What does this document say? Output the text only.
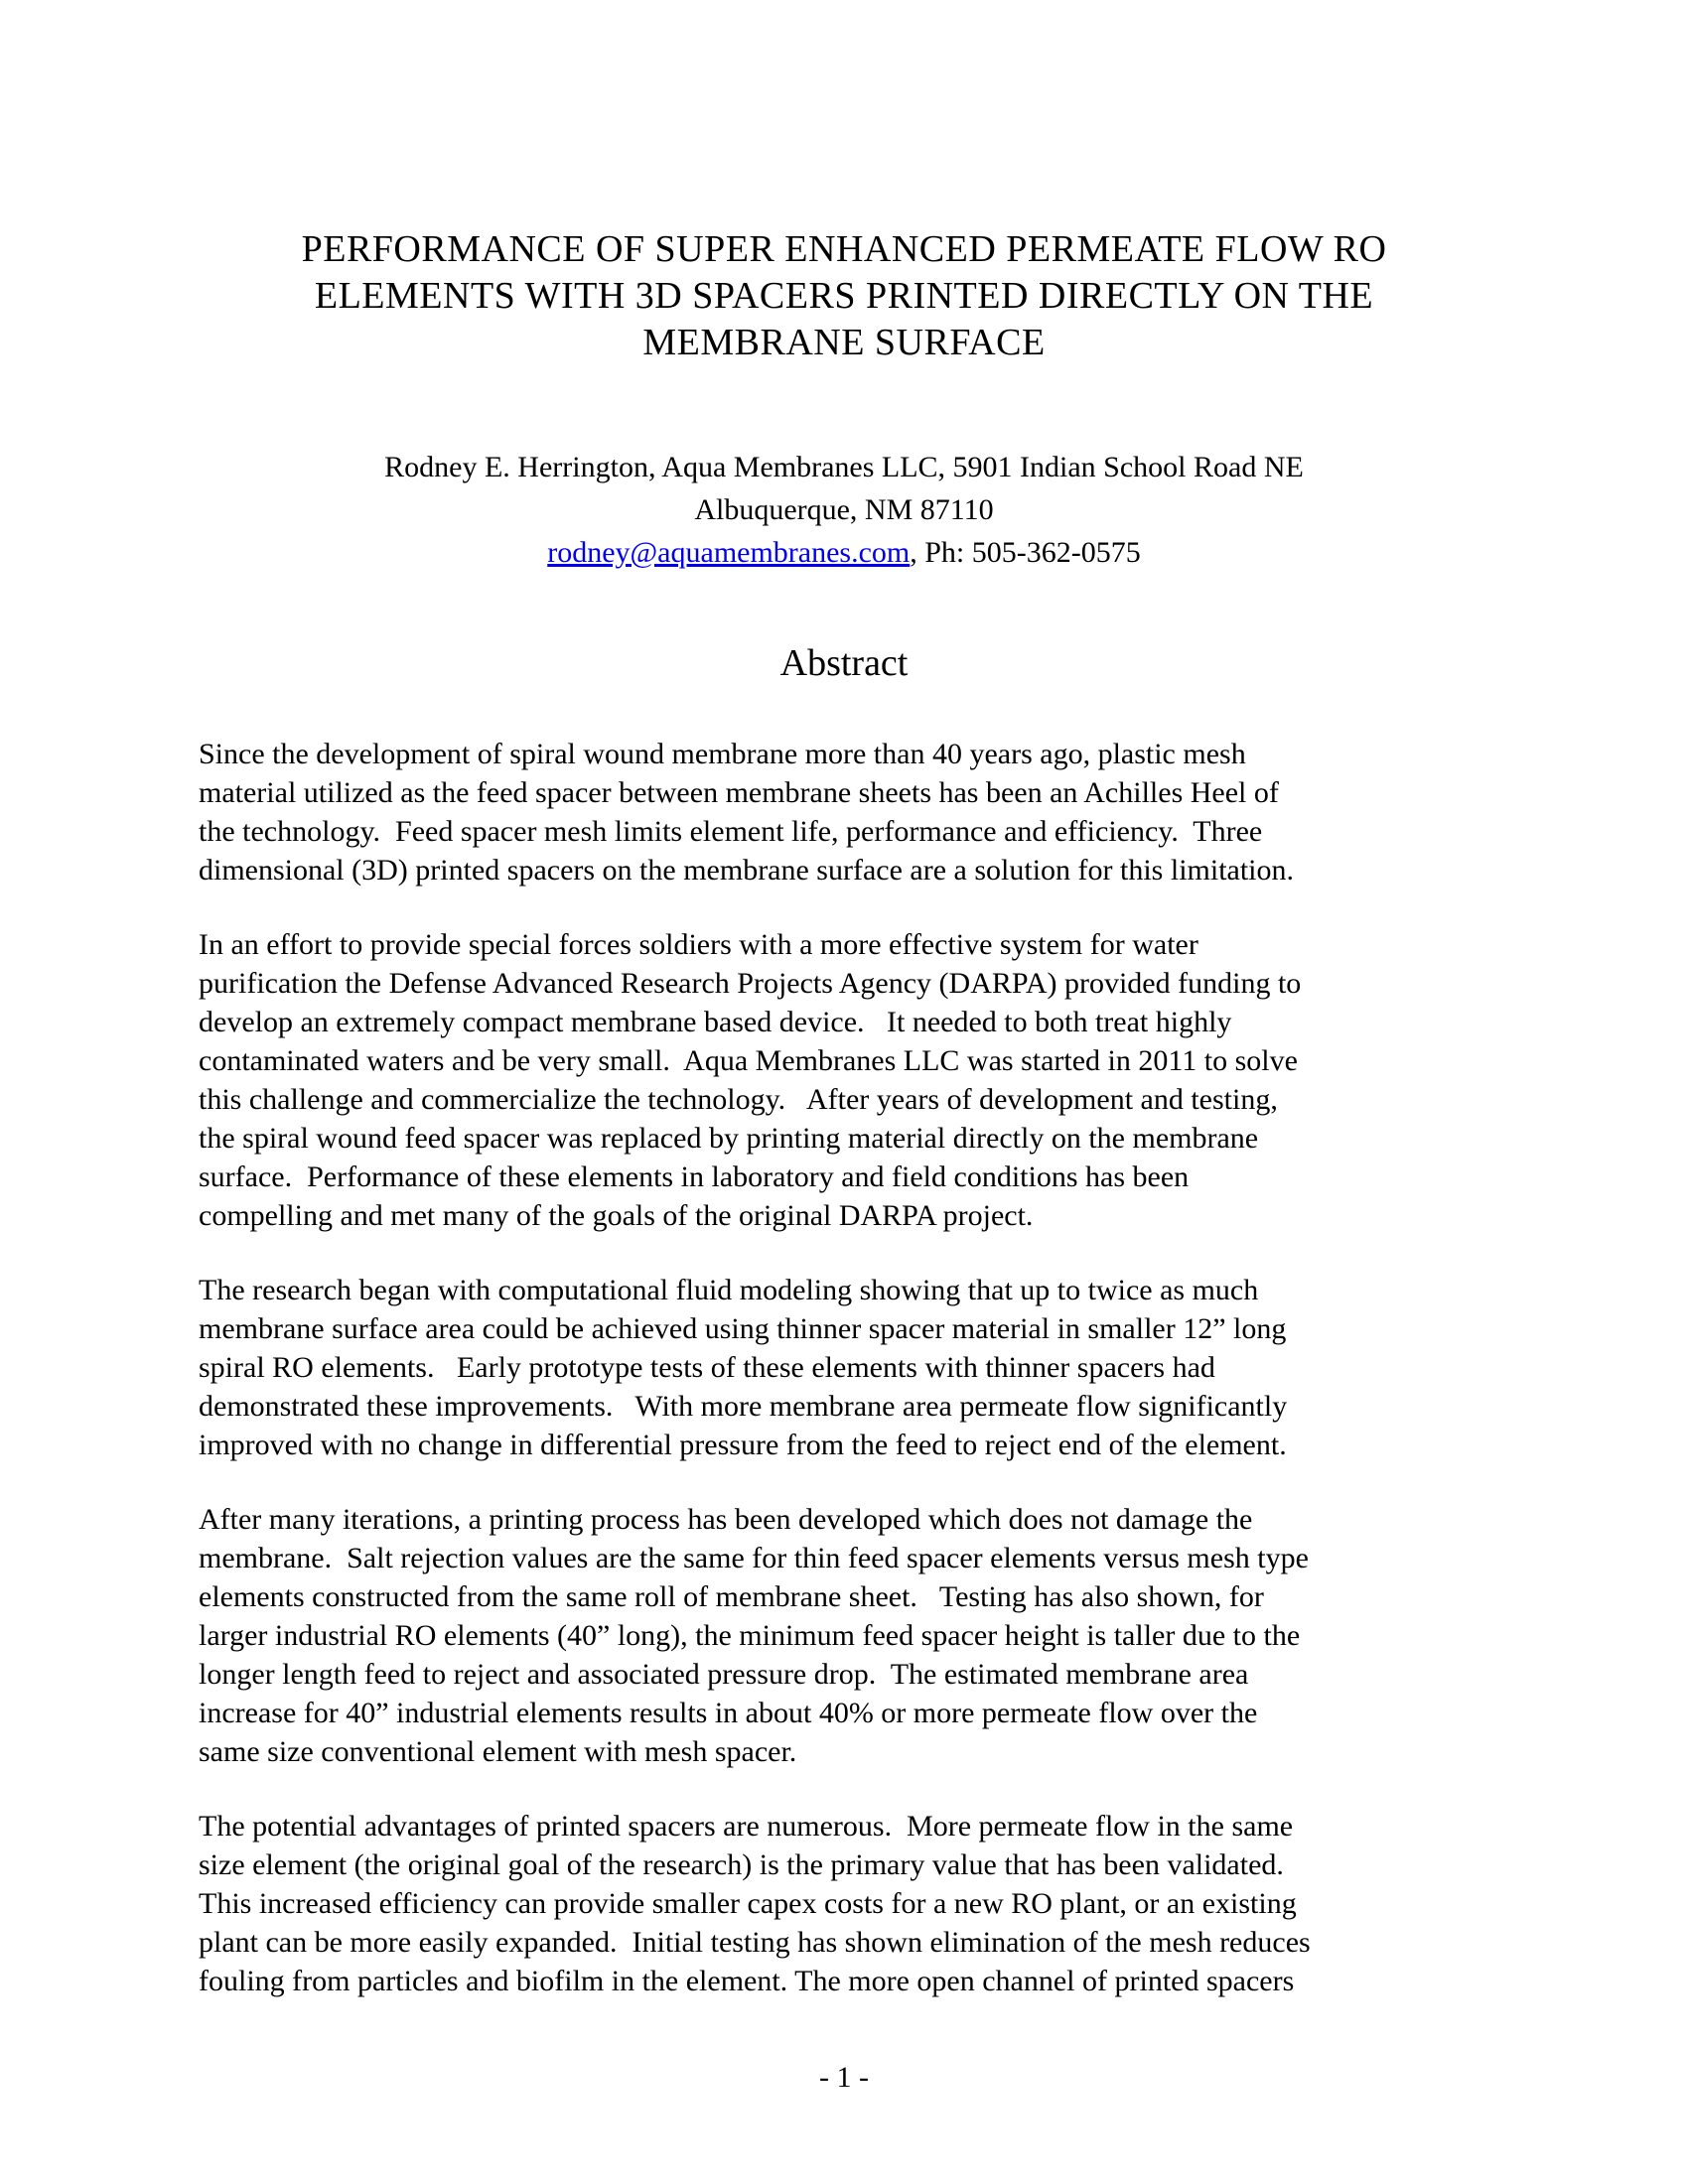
PERFORMANCE OF SUPER ENHANCED PERMEATE FLOW RO
ELEMENTS WITH 3D SPACERS PRINTED DIRECTLY ON THE
MEMBRANE SURFACE
Rodney E. Herrington, Aqua Membranes LLC, 5901 Indian School Road NE
Albuquerque, NM 87110
rodney@aquamembranes.com, Ph: 505-362-0575
Abstract
Since the development of spiral wound membrane more than 40 years ago, plastic mesh
material utilized as the feed spacer between membrane sheets has been an Achilles Heel of
the technology.  Feed spacer mesh limits element life, performance and efficiency.  Three
dimensional (3D) printed spacers on the membrane surface are a solution for this limitation.
In an effort to provide special forces soldiers with a more effective system for water
purification the Defense Advanced Research Projects Agency (DARPA) provided funding to
develop an extremely compact membrane based device.   It needed to both treat highly
contaminated waters and be very small.  Aqua Membranes LLC was started in 2011 to solve
this challenge and commercialize the technology.   After years of development and testing,
the spiral wound feed spacer was replaced by printing material directly on the membrane
surface.  Performance of these elements in laboratory and field conditions has been
compelling and met many of the goals of the original DARPA project.
The research began with computational fluid modeling showing that up to twice as much
membrane surface area could be achieved using thinner spacer material in smaller 12” long
spiral RO elements.   Early prototype tests of these elements with thinner spacers had
demonstrated these improvements.   With more membrane area permeate flow significantly
improved with no change in differential pressure from the feed to reject end of the element.
After many iterations, a printing process has been developed which does not damage the
membrane.  Salt rejection values are the same for thin feed spacer elements versus mesh type
elements constructed from the same roll of membrane sheet.   Testing has also shown, for
larger industrial RO elements (40” long), the minimum feed spacer height is taller due to the
longer length feed to reject and associated pressure drop.  The estimated membrane area
increase for 40” industrial elements results in about 40% or more permeate flow over the
same size conventional element with mesh spacer.
The potential advantages of printed spacers are numerous.  More permeate flow in the same
size element (the original goal of the research) is the primary value that has been validated.
This increased efficiency can provide smaller capex costs for a new RO plant, or an existing
plant can be more easily expanded.  Initial testing has shown elimination of the mesh reduces
fouling from particles and biofilm in the element. The more open channel of printed spacers
- 1 -
